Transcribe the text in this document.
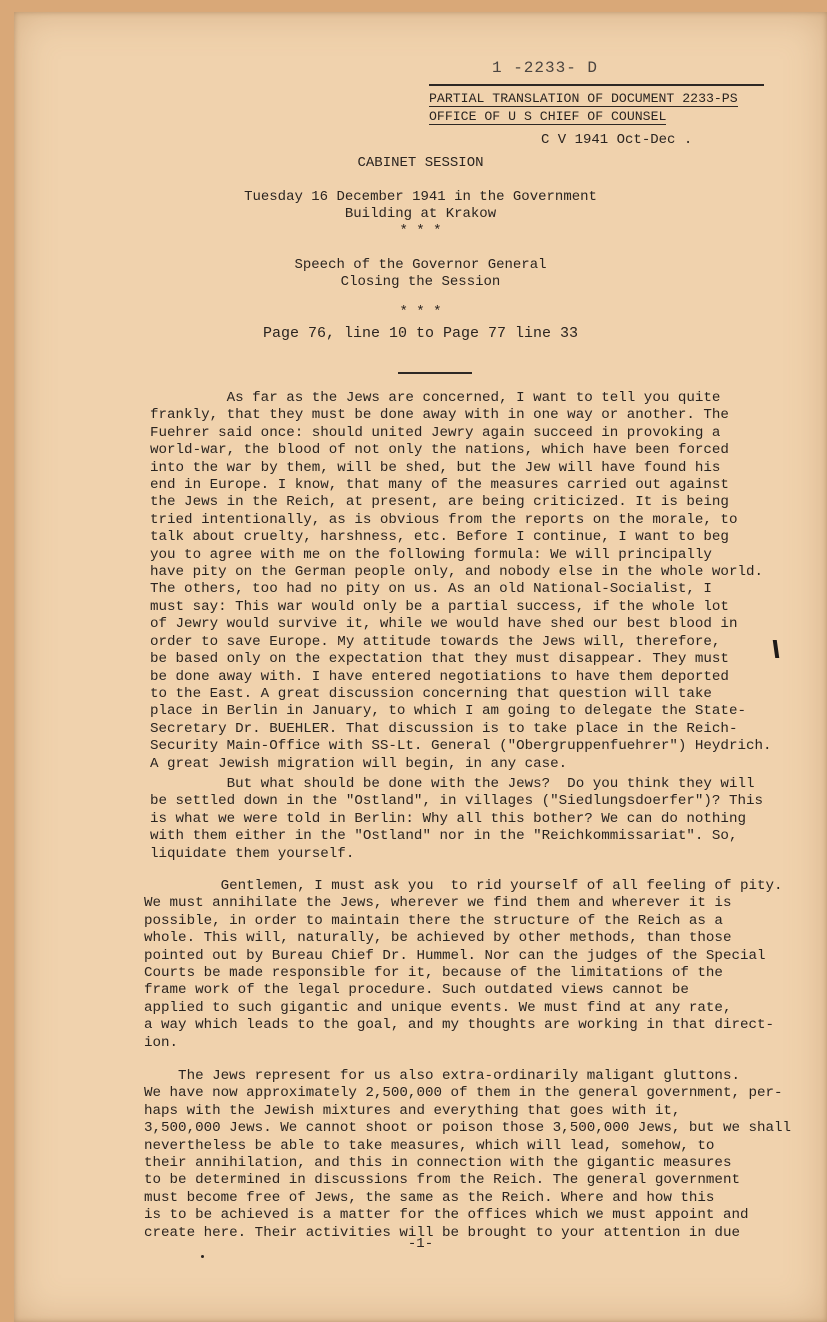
1 -2233- D
PARTIAL TRANSLATION OF DOCUMENT 2233-PS OFFICE OF U S CHIEF OF COUNSEL
C V 1941 Oct-Dec .
CABINET SESSION
Tuesday 16 December 1941 in the Government
Building at Krakow
* * *
Speech of the Governor General
Closing the Session
* * *
Page 76, line 10 to Page 77 line 33
As far as the Jews are concerned, I want to tell you quite
frankly, that they must be done away with in one way or another. The
Fuehrer said once: should united Jewry again succeed in provoking a
world-war, the blood of not only the nations, which have been forced
into the war by them, will be shed, but the Jew will have found his
end in Europe. I know, that many of the measures carried out against
the Jews in the Reich, at present, are being criticized. It is being
tried intentionally, as is obvious from the reports on the morale, to
talk about cruelty, harshness, etc. Before I continue, I want to beg
you to agree with me on the following formula: We will principally
have pity on the German people only, and nobody else in the whole world.
The others, too had no pity on us. As an old National-Socialist, I
must say: This war would only be a partial success, if the whole lot
of Jewry would survive it, while we would have shed our best blood in
order to save Europe. My attitude towards the Jews will, therefore,
be based only on the expectation that they must disappear. They must
be done away with. I have entered negotiations to have them deported
to the East. A great discussion concerning that question will take
place in Berlin in January, to which I am going to delegate the State-
Secretary Dr. BUEHLER. That discussion is to take place in the Reich-
Security Main-Office with SS-Lt. General ("Obergruppenfuehrer") Heydrich.
A great Jewish migration will begin, in any case.
But what should be done with the Jews?  Do you think they will
be settled down in the "Ostland", in villages ("Siedlungsdoerfer")? This
is what we were told in Berlin: Why all this bother? We can do nothing
with them either in the "Ostland" nor in the "Reichkommissariat". So,
liquidate them yourself.
Gentlemen, I must ask you  to rid yourself of all feeling of pity.
We must annihilate the Jews, wherever we find them and wherever it is
possible, in order to maintain there the structure of the Reich as a
whole. This will, naturally, be achieved by other methods, than those
pointed out by Bureau Chief Dr. Hummel. Nor can the judges of the Special
Courts be made responsible for it, because of the limitations of the
frame work of the legal procedure. Such outdated views cannot be
applied to such gigantic and unique events. We must find at any rate,
a way which leads to the goal, and my thoughts are working in that direct-
ion.
The Jews represent for us also extra-ordinarily maligant gluttons.
We have now approximately 2,500,000 of them in the general government, per-
haps with the Jewish mixtures and everything that goes with it,
3,500,000 Jews. We cannot shoot or poison those 3,500,000 Jews, but we shall
nevertheless be able to take measures, which will lead, somehow, to
their annihilation, and this in connection with the gigantic measures
to be determined in discussions from the Reich. The general government
must become free of Jews, the same as the Reich. Where and how this
is to be achieved is a matter for the offices which we must appoint and
create here. Their activities will be brought to your attention in due
-1-
